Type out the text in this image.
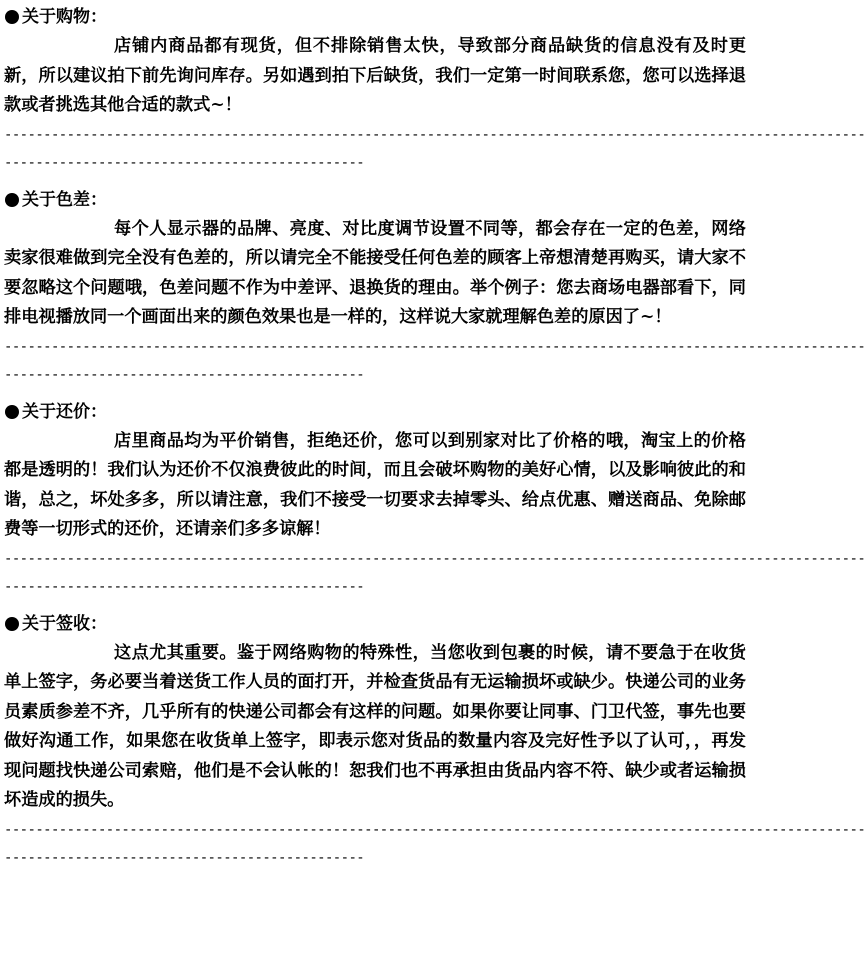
关于购物：

店铺内商品都有现货，但不排除销售太快，导致部分商品缺货的信息没有及时更新，所以建议拍下前先询问库存。另如遇到拍下后缺货，我们一定第一时间联系您，您可以选择退款或者挑选其他合适的款式~！

--------------------------------------------------------------------------------------------------------------
----------------------------------------------
关于色差：

每个人显示器的品牌、亮度、对比度调节设置不同等，都会存在一定的色差，网络卖家很难做到完全没有色差的，所以请完全不能接受任何色差的顾客上帝想清楚再购买，请大家不要忽略这个问题哦，色差问题不作为中差评、退换货的理由。举个例子：您去商场电器部看下，同排电视播放同一个画面出来的颜色效果也是一样的，这样说大家就理解色差的原因了~！

--------------------------------------------------------------------------------------------------------------
----------------------------------------------
关于还价：

店里商品均为平价销售，拒绝还价，您可以到别家对比了价格的哦，淘宝上的价格都是透明的！我们认为还价不仅浪费彼此的时间，而且会破坏购物的美好心情，以及影响彼此的和谐，总之，坏处多多，所以请注意，我们不接受一切要求去掉零头、给点优惠、赠送商品、免除邮费等一切形式的还价，还请亲们多多谅解！

--------------------------------------------------------------------------------------------------------------
----------------------------------------------
关于签收：

这点尤其重要。鉴于网络购物的特殊性，当您收到包裹的时候，请不要急于在收货单上签字，务必要当着送货工作人员的面打开，并检查货品有无运输损坏或缺少。快递公司的业务员素质参差不齐，几乎所有的快递公司都会有这样的问题。如果你要让同事、门卫代签，事先也要做好沟通工作，如果您在收货单上签字，即表示您对货品的数量内容及完好性予以了认可，，再发现问题找快递公司索赔，他们是不会认帐的！恕我们也不再承担由货品内容不符、缺少或者运输损坏造成的损失。

--------------------------------------------------------------------------------------------------------------
----------------------------------------------
